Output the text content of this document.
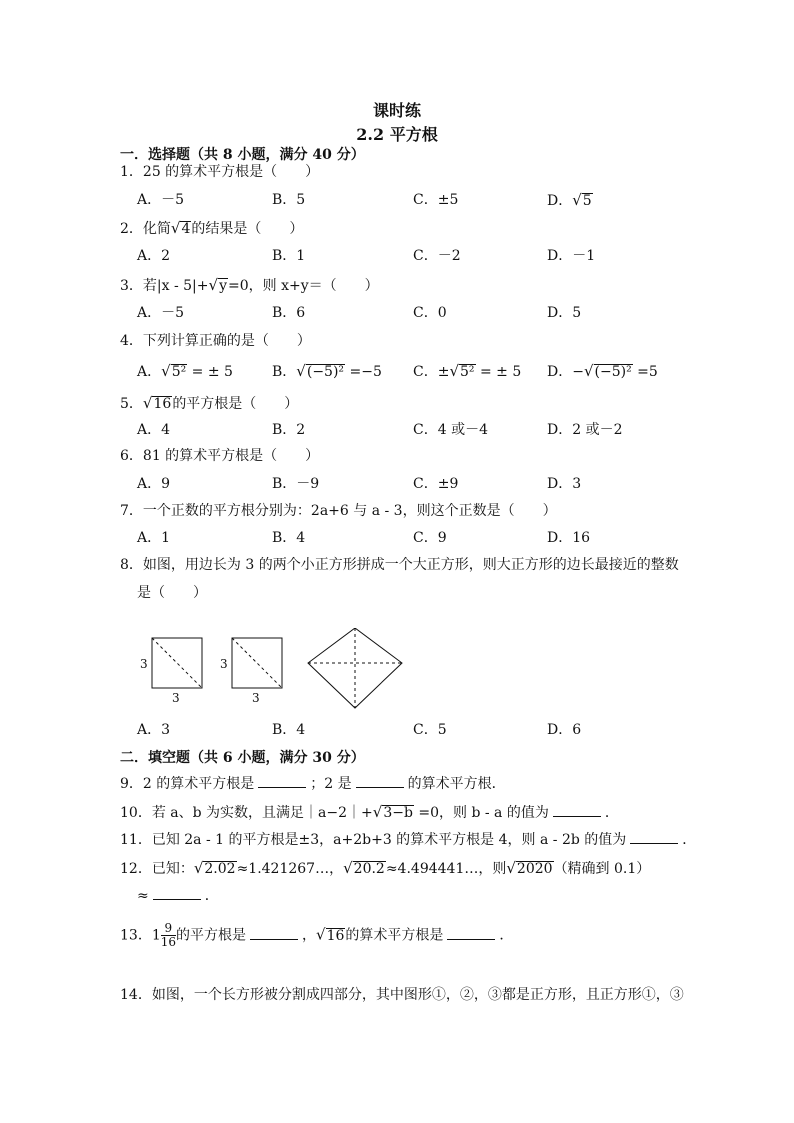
课时练
2.2 平方根
一．选择题（共 8 小题，满分 40 分）
1．25 的算术平方根是（　　）
A．－5	B．5	C．±5	D．√5
2．化简√4的结果是（　　）
A．2	B．1	C．－2	D．－1
3．若|x - 5|+√y=0，则 x+y＝（　　）
A．－5	B．6	C．0	D．5
4．下列计算正确的是（　　）
A．√5² = ± 5	B．√(−5)² =−5 C．±√5² = ± 5 D．−√(−5)² =5
5．√16的平方根是（　　）
A．4	B．2	C．4 或－4	D．2 或－2
6．81 的算术平方根是（　　）
A．9	B．－9	C．±9	D．3
7．一个正数的平方根分别为：2a+6 与 a - 3，则这个正数是（　　）
A．1	B．4	C．9	D．16
8．如图，用边长为 3 的两个小正方形拼成一个大正方形，则大正方形的边长最接近的整数
是（　　）
3
3
3
3
A．3	B．4	C．5	D．6
二．填空题（共 6 小题，满分 30 分）
9．2 的算术平方根是	；2 是	的算术平方根．
10．若 a、b 为实数，且满足｜a−2｜+√3−b =0，则 b - a 的值为	．
11．已知 2a - 1 的平方根是±3，a+2b+3 的算术平方根是 4，则 a - 2b 的值为	．
12．已知：√2.02≈1.421267…，√20.2≈4.494441…，则√2020（精确到 0.1）
≈	．
13．$1 \frac{9}{16}$ 的平方根是	，√16的算术平方根是	．
14．如图，一个长方形被分割成四部分，其中图形①，②，③都是正方形，且正方形①，③
